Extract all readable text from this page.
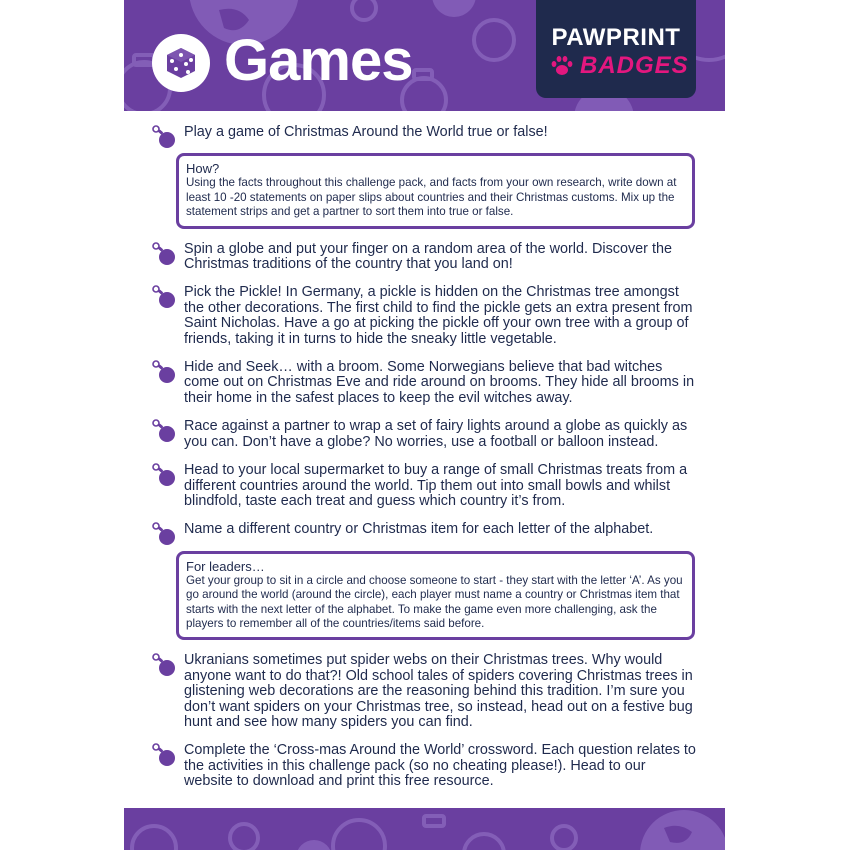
Games	PAWPRINT
BADGES
Play a game of Christmas Around the World true or false!
How?
Using the facts throughout this challenge pack, and facts from your own research, write down at least 10 -20 statements on paper slips about countries and their Christmas customs. Mix up the statement strips and get a partner to sort them into true or false.
Spin a globe and put your finger on a random area of the world. Discover the Christmas traditions of the country that you land on!
Pick the Pickle! In Germany, a pickle is hidden on the Christmas tree amongst the other decorations. The first child to find the pickle gets an extra present from Saint Nicholas. Have a go at picking the pickle off your own tree with a group of friends, taking it in turns to hide the sneaky little vegetable.
Hide and Seek… with a broom. Some Norwegians believe that bad witches come out on Christmas Eve and ride around on brooms. They hide all brooms in their home in the safest places to keep the evil witches away.
Race against a partner to wrap a set of fairy lights around a globe as quickly as you can. Don’t have a globe? No worries, use a football or balloon instead.
Head to your local supermarket to buy a range of small Christmas treats from a different countries around the world. Tip them out into small bowls and whilst blindfold, taste each treat and guess which country it’s from.
Name a different country or Christmas item for each letter of the alphabet.
For leaders…
Get your group to sit in a circle and choose someone to start - they start with the letter ‘A’. As you go around the world (around the circle), each player must name a country or Christmas item that starts with the next letter of the alphabet. To make the game even more challenging, ask the players to remember all of the countries/items said before.
Ukranians sometimes put spider webs on their Christmas trees. Why would anyone want to do that?! Old school tales of spiders covering Christmas trees in glistening web decorations are the reasoning behind this tradition. I’m sure you don’t want spiders on your Christmas tree, so instead, head out on a festive bug hunt and see how many spiders you can find.
Complete the ‘Cross-mas Around the World’ crossword. Each question relates to the activities in this challenge pack (so no cheating please!). Head to our website to download and print this free resource.
